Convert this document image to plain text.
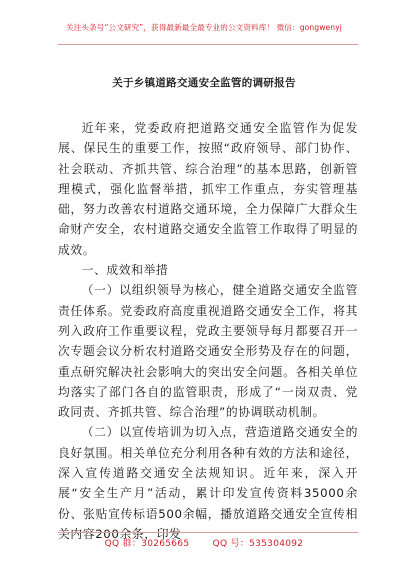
关注头条号“公文研究”，获得最新最全最专业的公文资料库！ 微信：gongwenyj
关于乡镇道路交通安全监管的调研报告

近年来，党委政府把道路交通安全监管作为促发展、保民生的重要工作，按照“政府领导、部门协作、社会联动、齐抓共管、综合治理”的基本思路，创新管理模式，强化监督举措，抓牢工作重点，夯实管理基础，努力改善农村道路交通环境，全力保障广大群众生命财产安全，农村道路交通安全监管工作取得了明显的成效。

一、成效和举措

（一）以组织领导为核心，健全道路交通安全监管责任体系。党委政府高度重视道路交通安全工作，将其列入政府工作重要议程，党政主要领导每月都要召开一次专题会议分析农村道路交通安全形势及存在的问题，重点研究解决社会影响大的突出安全问题。各相关单位均落实了部门各自的监管职责，形成了“一岗双责、党政同责、齐抓共管、综合治理”的协调联动机制。

（二）以宣传培训为切入点，营造道路交通安全的良好氛围。相关单位充分利用各种有效的方法和途径，深入宣传道路交通安全法规知识。近年来，深入开展“安全生产月”活动，累计印发宣传资料35000余份、张贴宣传标语500余幅，播放道路交通安全宣传相关内容200余条，印发

QQ 群：30265665	QQ 号：535304092
